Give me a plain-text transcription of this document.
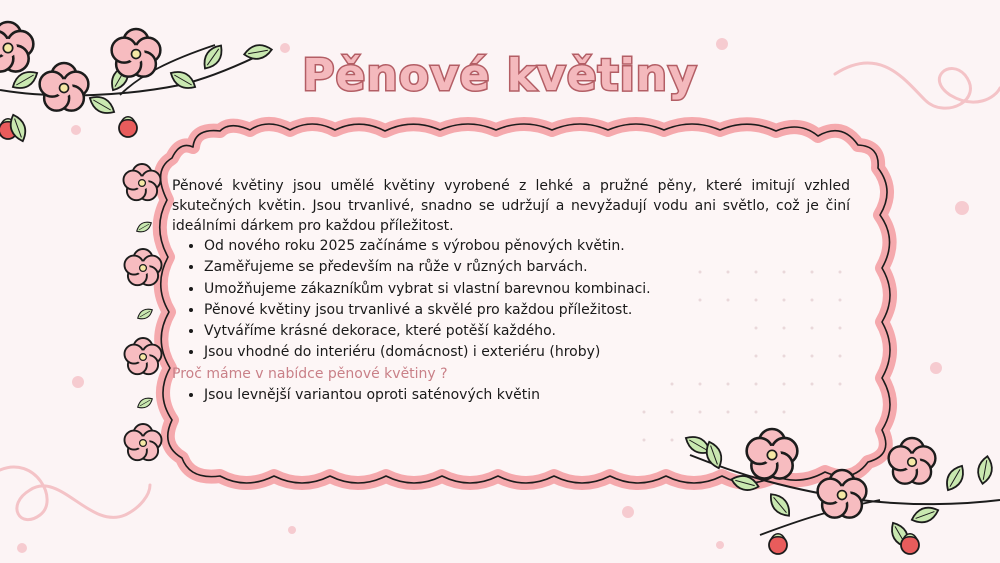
Pěnové květiny

Pěnové květiny jsou umělé květiny vyrobené z lehké a pružné pěny, které imitují vzhled skutečných květin. Jsou trvanlivé, snadno se udržují a nevyžadují vodu ani světlo, což je činí ideálními dárkem pro každou příležitost.

• Od nového roku 2025 začínáme s výrobou pěnových květin.
• Zaměřujeme se především na růže v různých barvách.
• Umožňujeme zákazníkům vybrat si vlastní barevnou kombinaci.
• Pěnové květiny jsou trvanlivé a skvělé pro každou příležitost.
• Vytváříme krásné dekorace, které potěší každého.
• Jsou vhodné do interiéru (domácnost) i exteriéru (hroby)

Proč máme v nabídce pěnové květiny ?

• Jsou levnější variantou oproti saténových květin
